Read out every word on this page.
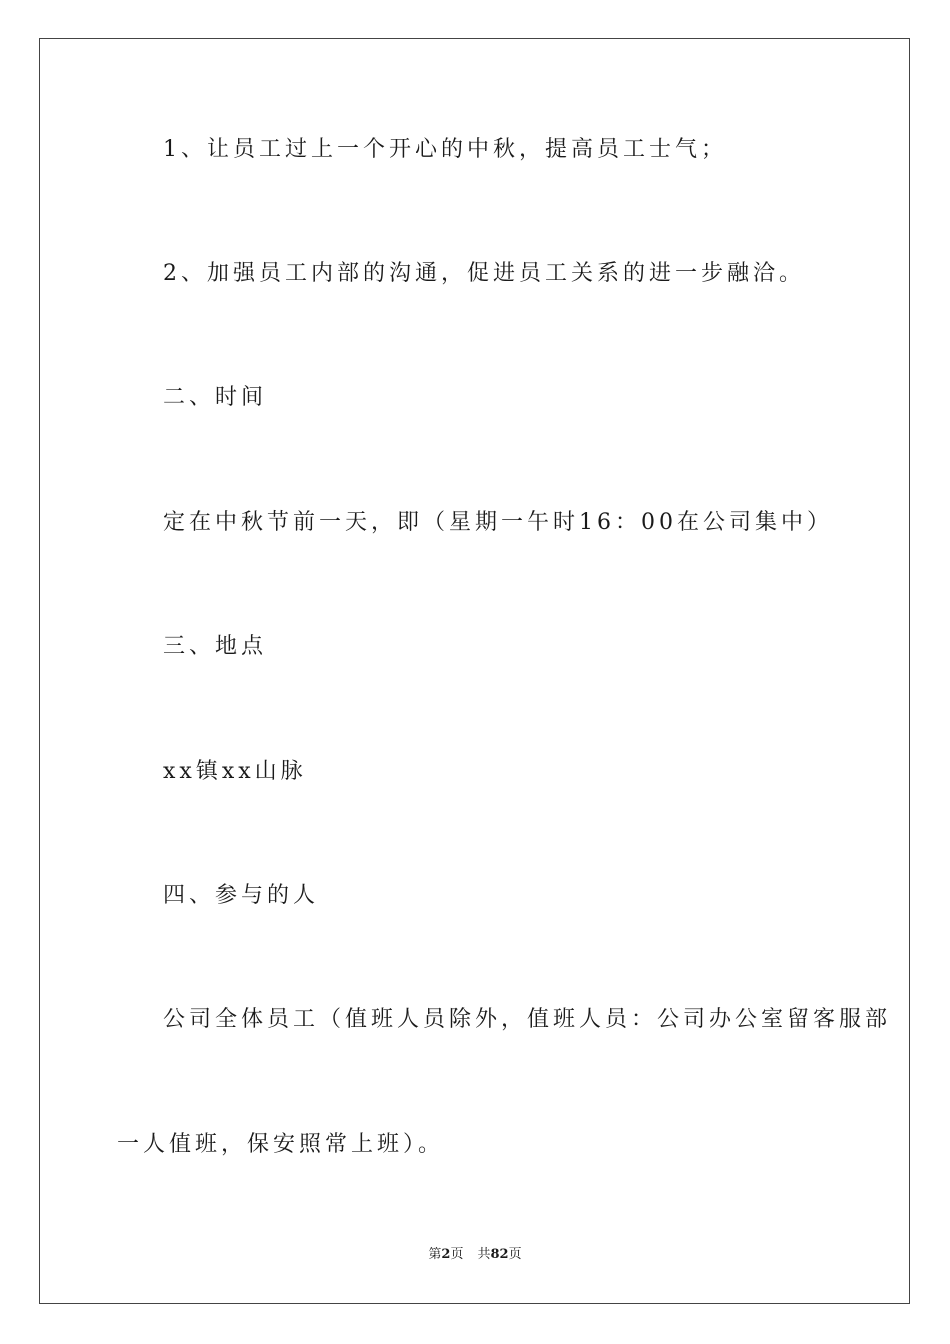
1、让员工过上一个开心的中秋，提高员工士气；
2、加强员工内部的沟通，促进员工关系的进一步融洽。
二、时间
定在中秋节前一天，即（星期一午时16：00在公司集中）
三、地点
xx镇xx山脉
四、参与的人
公司全体员工（值班人员除外，值班人员：公司办公室留客服部
一人值班，保安照常上班）。
第2页 共82页
